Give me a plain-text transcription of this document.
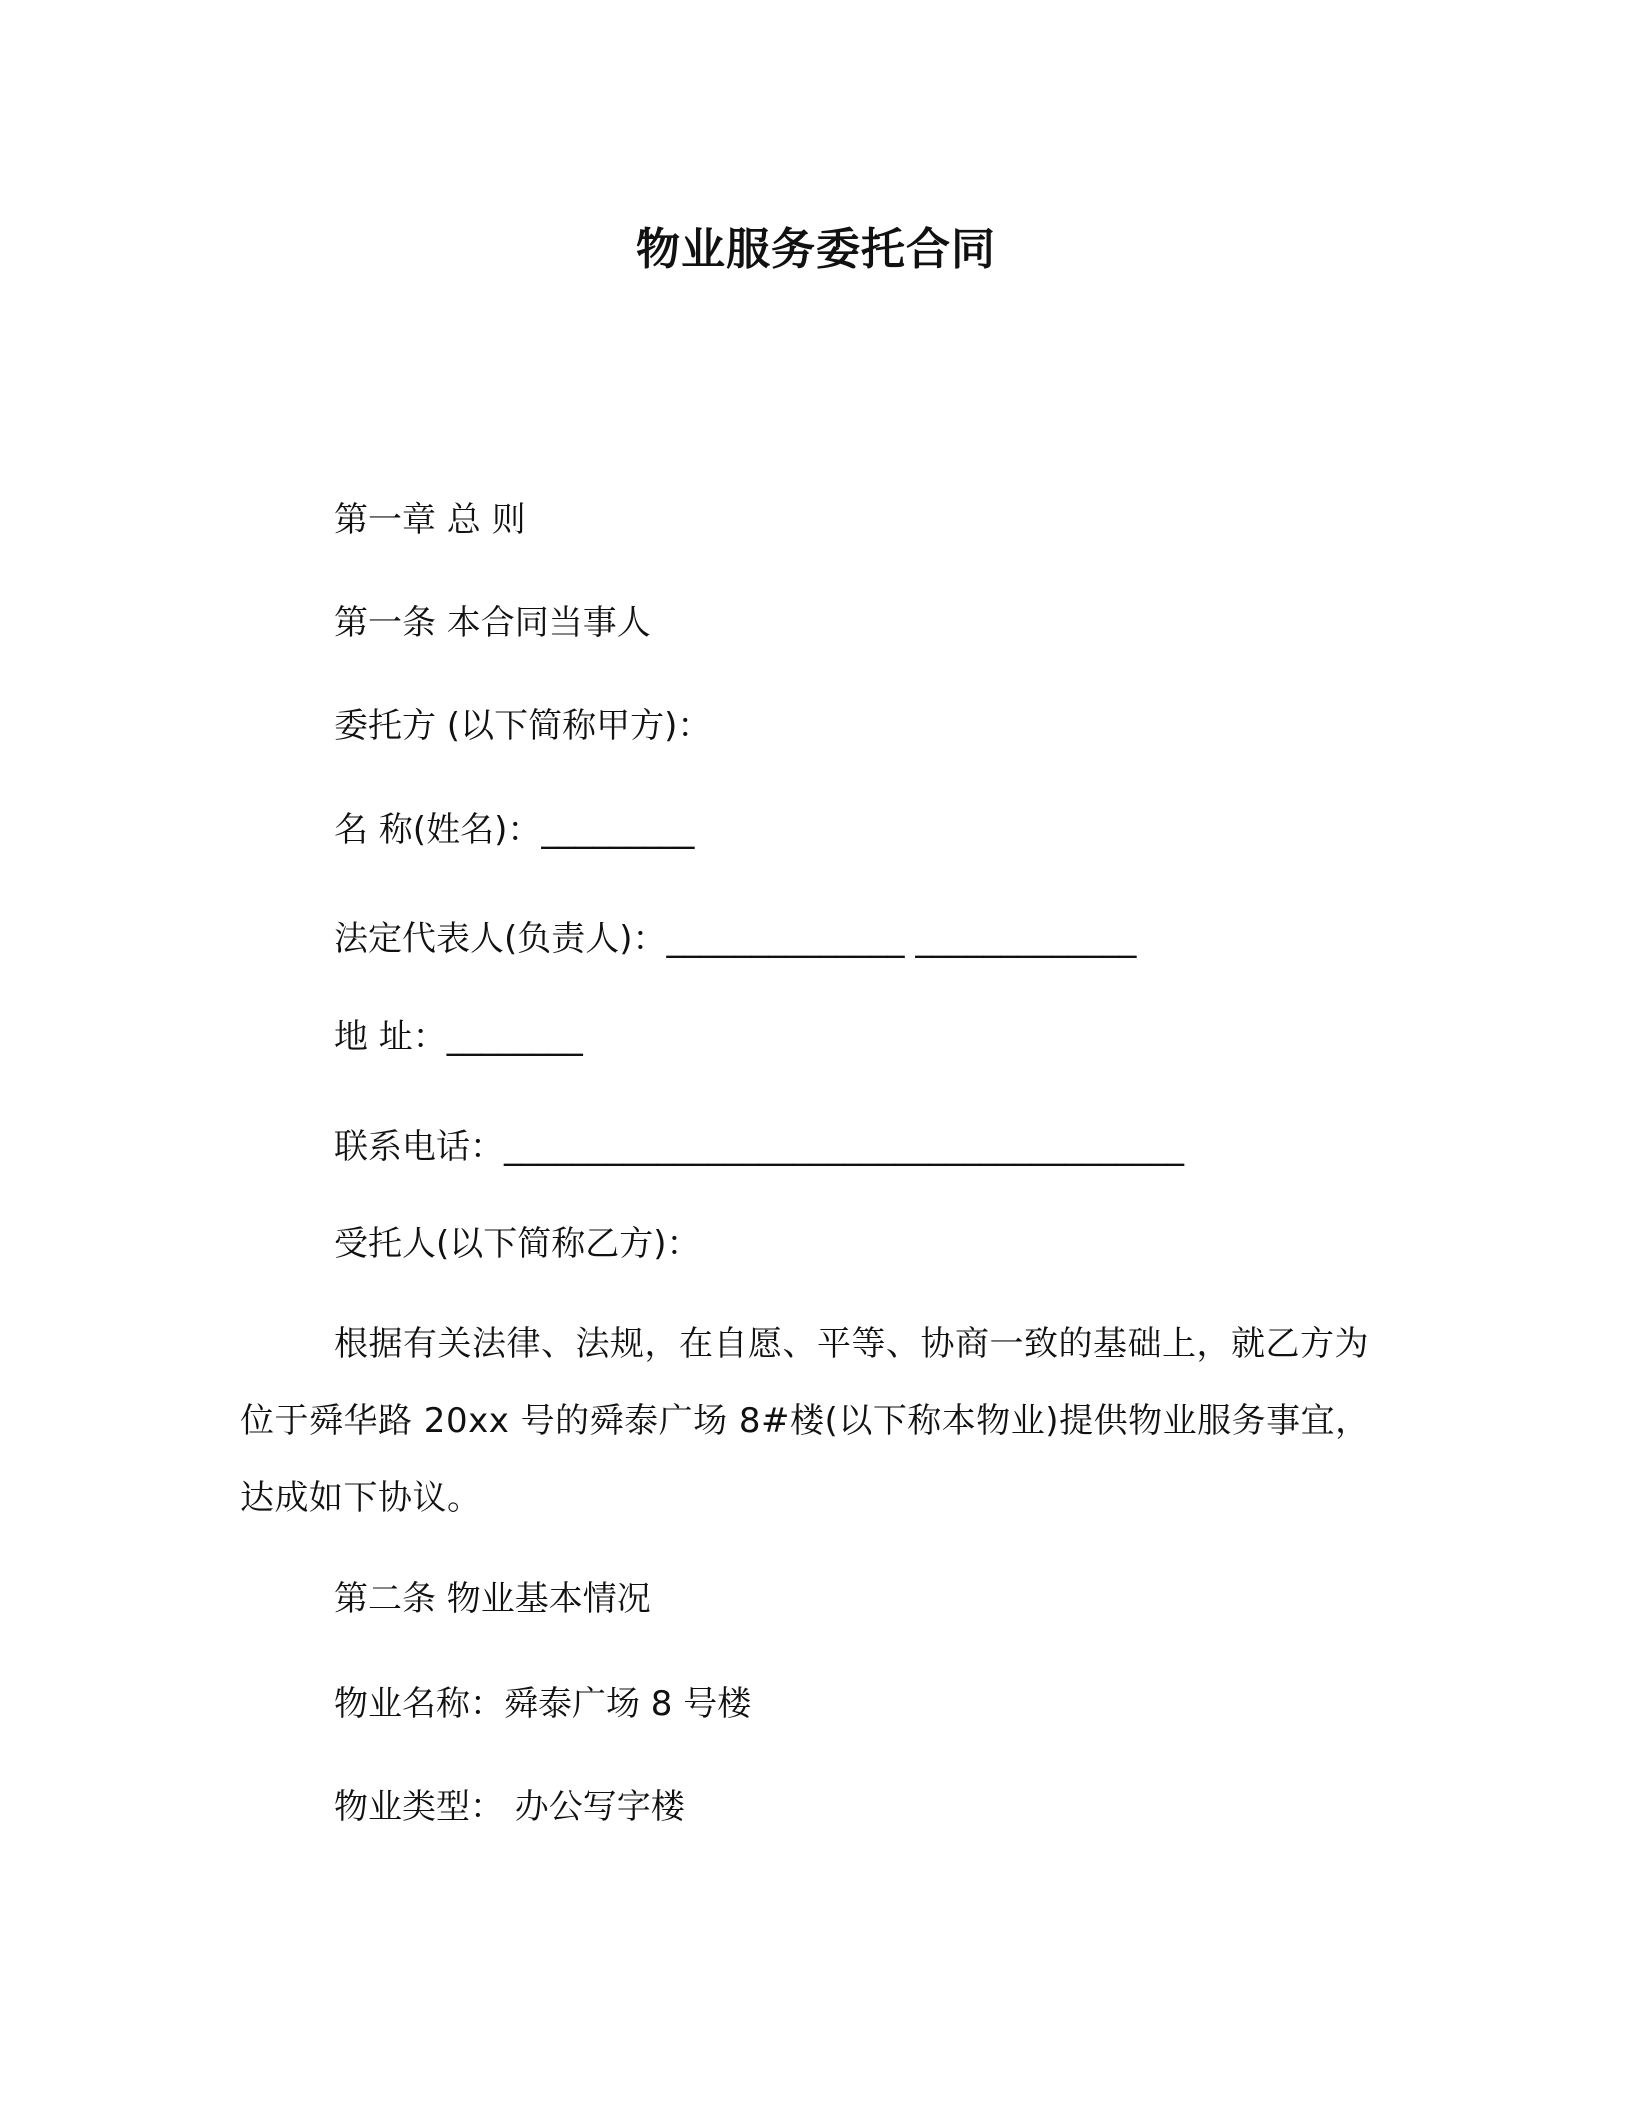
物业服务委托合同
第一章 总 则
第一条 本合同当事人
委托方 (以下简称甲方)：
名 称(姓名)：_________
法定代表人(负责人)：______________ _____________
地 址：________
联系电话：________________________________________
受托人(以下简称乙方)：
根据有关法律、法规，在自愿、平等、协商一致的基础上，就乙方为位于舜华路 20xx 号的舜泰广场 8#楼(以下称本物业)提供物业服务事宜，达成如下协议。
第二条 物业基本情况
物业名称：舜泰广场 8 号楼
物业类型： 办公写字楼
